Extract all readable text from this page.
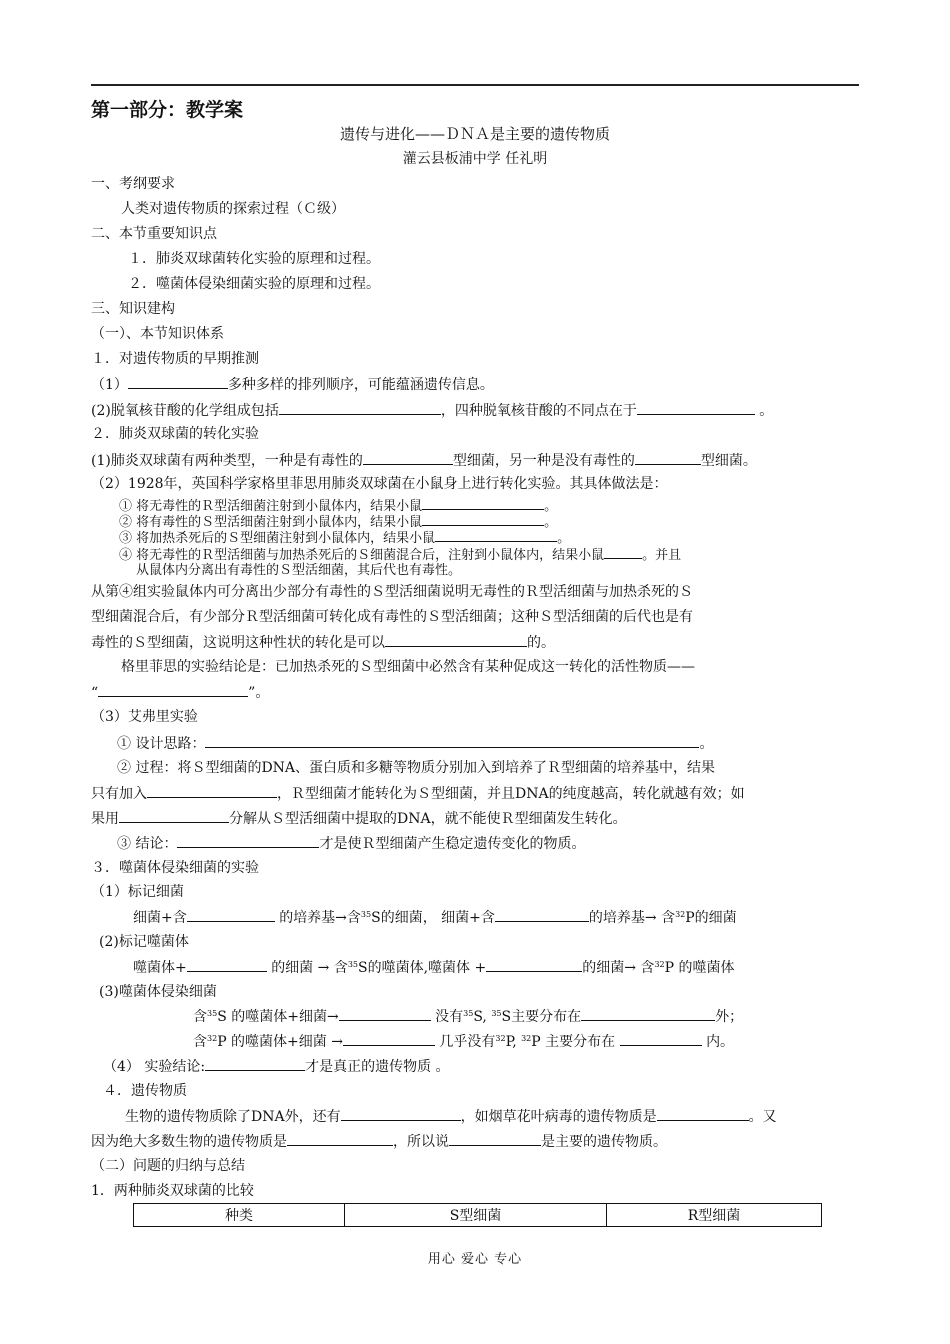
第一部分：教学案
遗传与进化——ＤＮＡ是主要的遗传物质
灌云县板浦中学 任礼明
一、考纲要求
人类对遗传物质的探索过程（Ｃ级）
二、本节重要知识点
１．肺炎双球菌转化实验的原理和过程。
２．噬菌体侵染细菌实验的原理和过程。
三、知识建构
（一）、本节知识体系
１．对遗传物质的早期推测
（1）	多种多样的排列顺序，可能蕴涵遗传信息。
(2)脱氧核苷酸的化学组成包括	，四种脱氧核苷酸的不同点在于	。
２．肺炎双球菌的转化实验
(1)肺炎双球菌有两种类型，一种是有毒性的	型细菌，另一种是没有毒性的	型细菌。
（2）1928年，英国科学家格里菲思用肺炎双球菌在小鼠身上进行转化实验。其具体做法是：
① 将无毒性的Ｒ型活细菌注射到小鼠体内，结果小鼠	。
② 将有毒性的Ｓ型活细菌注射到小鼠体内，结果小鼠	。
③ 将加热杀死后的Ｓ型细菌注射到小鼠体内，结果小鼠	。
④ 将无毒性的Ｒ型活细菌与加热杀死后的Ｓ细菌混合后，注射到小鼠体内，结果小鼠	。并且
从鼠体内分离出有毒性的Ｓ型活细菌，其后代也有毒性。
从第④组实验鼠体内可分离出少部分有毒性的Ｓ型活细菌说明无毒性的Ｒ型活细菌与加热杀死的Ｓ
型细菌混合后，有少部分Ｒ型活细菌可转化成有毒性的Ｓ型活细菌；这种Ｓ型活细菌的后代也是有
毒性的Ｓ型细菌，这说明这种性状的转化是可以	的。
格里菲思的实验结论是：已加热杀死的Ｓ型细菌中必然含有某种促成这一转化的活性物质——
“	”。
（3）艾弗里实验
① 设计思路：	。
② 过程：将Ｓ型细菌的DNA、蛋白质和多糖等物质分别加入到培养了Ｒ型细菌的培养基中，结果
只有加入	，Ｒ型细菌才能转化为Ｓ型细菌，并且DNA的纯度越高，转化就越有效；如
果用	分解从Ｓ型活细菌中提取的DNA，就不能使Ｒ型细菌发生转化。
③ 结论：	才是使Ｒ型细菌产生稳定遗传变化的物质。
３．噬菌体侵染细菌的实验
（1）标记细菌
细菌+含	的培养基→含$^{35}$S的细菌， 细菌+含	的培养基→ 含$^{32}$P的细菌
(2)标记噬菌体
噬菌体+	的细菌 → 含$^{35}$S的噬菌体,噬菌体 +	的细菌→ 含$^{32}$P 的噬菌体
(3)噬菌体侵染细菌
含$^{35}$S 的噬菌体+细菌→	没有$^{35}$S, $^{35}$S主要分布在	外；
含$^{32}$P 的噬菌体+细菌 →	几乎没有$^{32}$P, $^{32}$P 主要分布在	内。
（4） 实验结论:	才是真正的遗传物质 。
４．遗传物质
生物的遗传物质除了DNA外，还有	，如烟草花叶病毒的遗传物质是	。又
因为绝大多数生物的遗传物质是	，所以说	是主要的遗传物质。
（二）问题的归纳与总结
1．两种肺炎双球菌的比较
种类	S型细菌	R型细菌
用心 爱心 专心
